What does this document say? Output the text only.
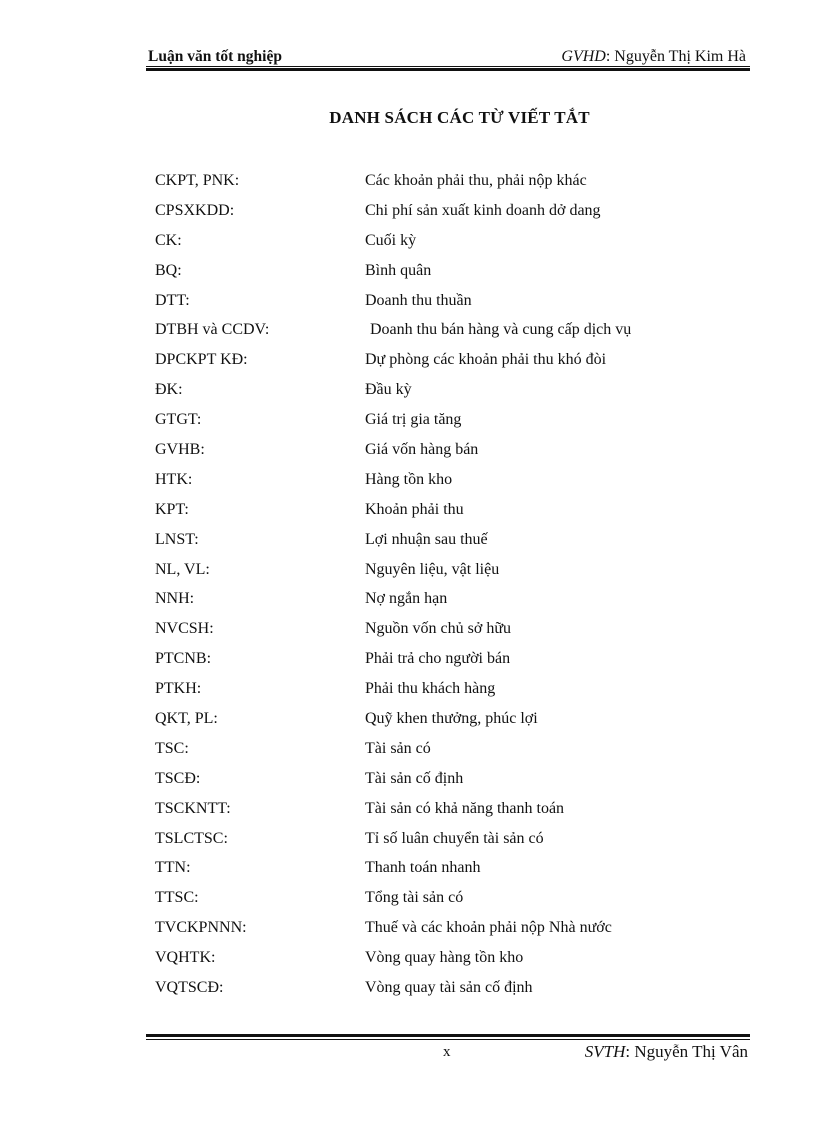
Luận văn tốt nghiệp	GVHD: Nguyễn Thị Kim Hà
DANH SÁCH CÁC TỪ VIẾT TẮT
CKPT, PNK:	Các khoản phải thu, phải nộp khác
CPSXKDD:	Chi phí sản xuất kinh doanh dở dang
CK:	Cuối kỳ
BQ:	Bình quân
DTT:	Doanh thu thuần
DTBH và CCDV:	Doanh thu bán hàng và cung cấp dịch vụ
DPCKPT KĐ:	Dự phòng các khoản phải thu khó đòi
ĐK:	Đầu kỳ
GTGT:	Giá trị gia tăng
GVHB:	Giá vốn hàng bán
HTK:	Hàng tồn kho
KPT:	Khoản phải thu
LNST:	Lợi nhuận sau thuế
NL, VL:	Nguyên liệu, vật liệu
NNH:	Nợ ngắn hạn
NVCSH:	Nguồn vốn chủ sở hữu
PTCNB:	Phải trả cho người bán
PTKH:	Phải thu khách hàng
QKT, PL:	Quỹ khen thưởng, phúc lợi
TSC:	Tài sản có
TSCĐ:	Tài sản cố định
TSCKNTT:	Tài sản có khả năng thanh toán
TSLCTSC:	Tỉ số luân chuyển tài sản có
TTN:	Thanh toán nhanh
TTSC:	Tổng tài sản có
TVCKPNNN:	Thuế và các khoản phải nộp Nhà nước
VQHTK:	Vòng quay hàng tồn kho
VQTSCĐ:	Vòng quay tài sản cố định
x	SVTH: Nguyễn Thị Vân
